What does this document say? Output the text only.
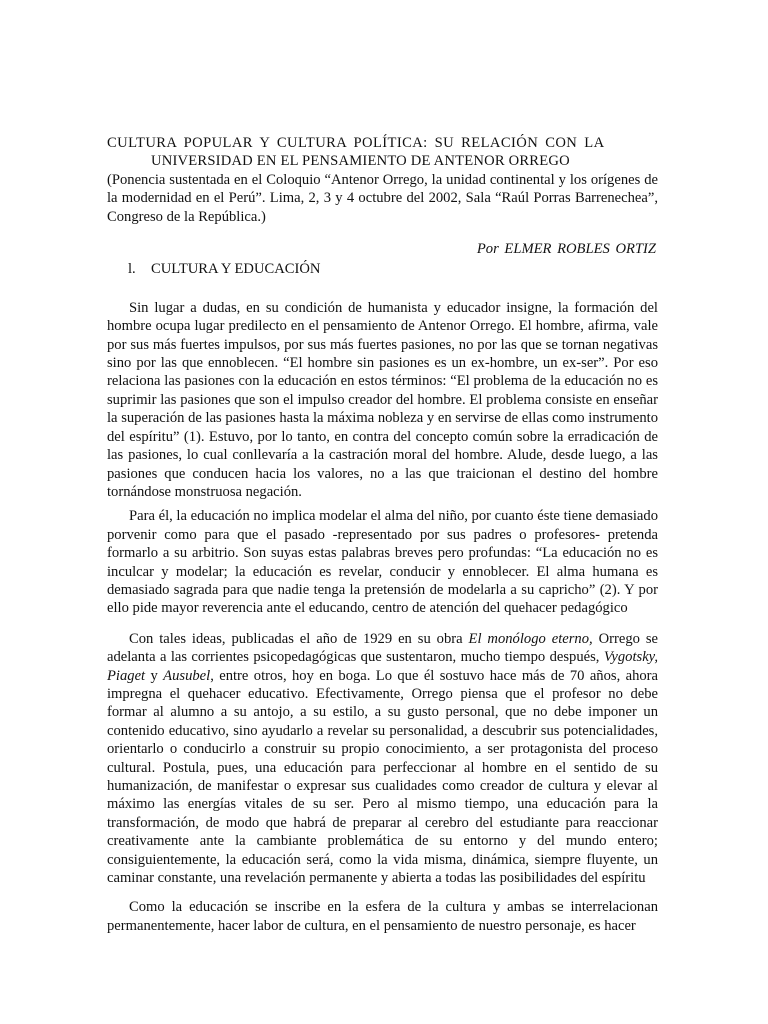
CULTURA POPULAR Y CULTURA POLÍTICA: SU RELACIÓN CON LA

UNIVERSIDAD EN EL PENSAMIENTO DE ANTENOR ORREGO

(Ponencia sustentada en el Coloquio “Antenor Orrego, la unidad continental y los orígenes de la modernidad en el Perú”. Lima, 2, 3 y 4 octubre del 2002, Sala “Raúl Porras Barrenechea”, Congreso de la República.)

Por ELMER ROBLES ORTIZ

l. CULTURA Y EDUCACIÓN

Sin lugar a dudas, en su condición de humanista y educador insigne, la formación del hombre ocupa lugar predilecto en el pensamiento de Antenor Orrego. El hombre, afirma, vale por sus más fuertes impulsos, por sus más fuertes pasiones, no por las que se tornan negativas sino por las que ennoblecen. “El hombre sin pasiones es un ex-hombre, un ex-ser”. Por eso relaciona las pasiones con la educación en estos términos: “El problema de la educación no es suprimir las pasiones que son el impulso creador del hombre. El problema consiste en enseñar la superación de las pasiones hasta la máxima nobleza y en servirse de ellas como instrumento del espíritu” (1). Estuvo, por lo tanto, en contra del concepto común sobre la erradicación de las pasiones, lo cual conllevaría a la castración moral del hombre. Alude, desde luego, a las pasiones que conducen hacia los valores, no a las que traicionan el destino del hombre tornándose monstruosa negación.

Para él, la educación no implica modelar el alma del niño, por cuanto éste tiene demasiado porvenir como para que el pasado -representado por sus padres o profesores- pretenda formarlo a su arbitrio. Son suyas estas palabras breves pero profundas: “La educación no es inculcar y modelar; la educación es revelar, conducir y ennoblecer. El alma humana es demasiado sagrada para que nadie tenga la pretensión de modelarla a su capricho” (2). Y por ello pide mayor reverencia ante el educando, centro de atención del quehacer pedagógico

Con tales ideas, publicadas el año de 1929 en su obra El monólogo eterno, Orrego se adelanta a las corrientes psicopedagógicas que sustentaron, mucho tiempo después, Vygotsky, Piaget y Ausubel, entre otros, hoy en boga. Lo que él sostuvo hace más de 70 años, ahora impregna el quehacer educativo. Efectivamente, Orrego piensa que el profesor no debe formar al alumno a su antojo, a su estilo, a su gusto personal, que no debe imponer un contenido educativo, sino ayudarlo a revelar su personalidad, a descubrir sus potencialidades, orientarlo o conducirlo a construir su propio conocimiento, a ser protagonista del proceso cultural. Postula, pues, una educación para perfeccionar al hombre en el sentido de su humanización, de manifestar o expresar sus cualidades como creador de cultura y elevar al máximo las energías vitales de su ser. Pero al mismo tiempo, una educación para la transformación, de modo que habrá de preparar al cerebro del estudiante para reaccionar creativamente ante la cambiante problemática de su entorno y del mundo entero; consiguientemente, la educación será, como la vida misma, dinámica, siempre fluyente, un caminar constante, una revelación permanente y abierta a todas las posibilidades del espíritu

Como la educación se inscribe en la esfera de la cultura y ambas se interrelacionan permanentemente, hacer labor de cultura, en el pensamiento de nuestro personaje, es hacer
